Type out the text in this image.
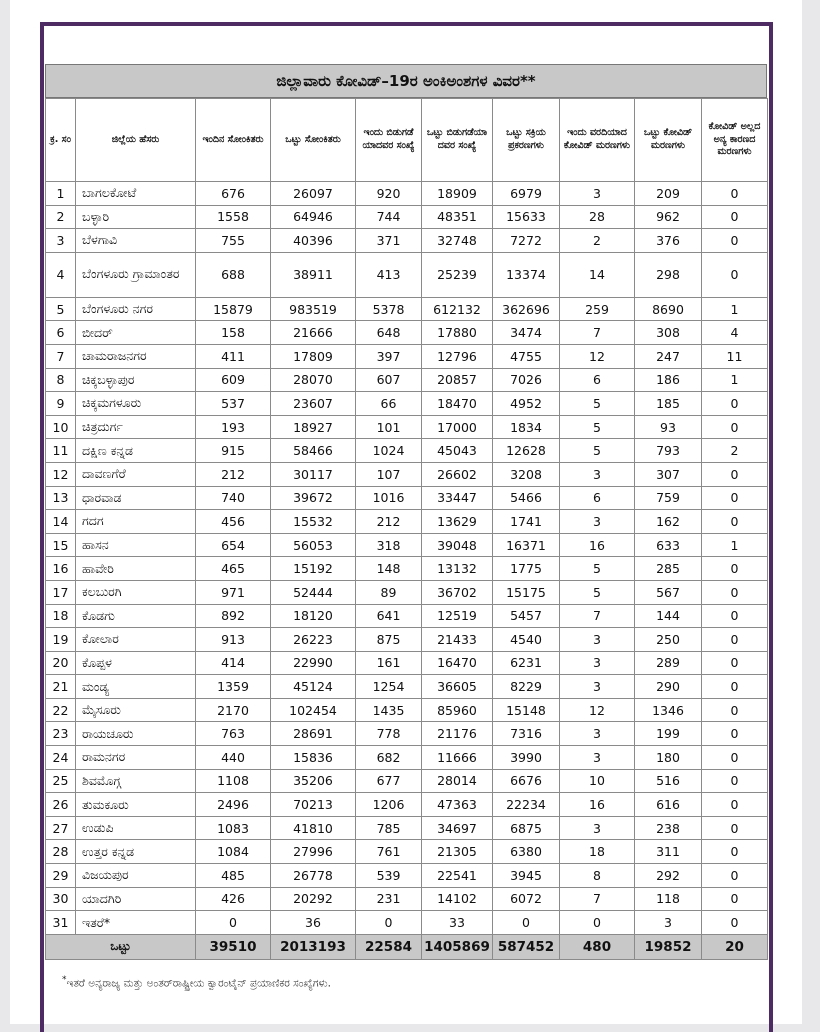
ಜಿಲ್ಲಾವಾರು ಕೋವಿಡ್–19ರ ಅಂಕಿಅಂಶಗಳ ವಿವರ**
ಕ್ರ. ಸಂ	ಜಿಲ್ಲೆಯ ಹೆಸರು	ಇಂದಿನ ಸೋಂಕಿತರು	ಒಟ್ಟು ಸೋಂಕಿತರು	ಇಂದು ಬಿಡುಗಡೆ ಯಾದವರ ಸಂಖ್ಯೆ	ಒಟ್ಟು ಬಿಡುಗಡೆಯಾ ದವರ ಸಂಖ್ಯೆ	ಒಟ್ಟು ಸಕ್ರಿಯ ಪ್ರಕರಣಗಳು	ಇಂದು ವರದಿಯಾದ ಕೋವಿಡ್ ಮರಣಗಳು	ಒಟ್ಟು ಕೋವಿಡ್ ಮರಣಗಳು	ಕೋವಿಡ್ ಅಲ್ಲದ ಅನ್ಯ ಕಾರಣದ ಮರಣಗಳು
1	ಬಾಗಲಕೋಟೆ	676	26097	920	18909	6979	3	209	0
2	ಬಳ್ಳಾರಿ	1558	64946	744	48351	15633	28	962	0
3	ಬೆಳಗಾವಿ	755	40396	371	32748	7272	2	376	0
4	ಬೆಂಗಳೂರು ಗ್ರಾಮಾಂತರ	688	38911	413	25239	13374	14	298	0
5	ಬೆಂಗಳೂರು ನಗರ	15879	983519	5378	612132	362696	259	8690	1
6	ಬೀದರ್	158	21666	648	17880	3474	7	308	4
7	ಚಾಮರಾಜನಗರ	411	17809	397	12796	4755	12	247	11
8	ಚಿಕ್ಕಬಳ್ಳಾಪುರ	609	28070	607	20857	7026	6	186	1
9	ಚಿಕ್ಕಮಗಳೂರು	537	23607	66	18470	4952	5	185	0
10	ಚಿತ್ರದುರ್ಗ	193	18927	101	17000	1834	5	93	0
11	ದಕ್ಷಿಣ ಕನ್ನಡ	915	58466	1024	45043	12628	5	793	2
12	ದಾವಣಗೆರೆ	212	30117	107	26602	3208	3	307	0
13	ಧಾರವಾಡ	740	39672	1016	33447	5466	6	759	0
14	ಗದಗ	456	15532	212	13629	1741	3	162	0
15	ಹಾಸನ	654	56053	318	39048	16371	16	633	1
16	ಹಾವೇರಿ	465	15192	148	13132	1775	5	285	0
17	ಕಲಬುರಗಿ	971	52444	89	36702	15175	5	567	0
18	ಕೊಡಗು	892	18120	641	12519	5457	7	144	0
19	ಕೋಲಾರ	913	26223	875	21433	4540	3	250	0
20	ಕೊಪ್ಪಳ	414	22990	161	16470	6231	3	289	0
21	ಮಂಡ್ಯ	1359	45124	1254	36605	8229	3	290	0
22	ಮೈಸೂರು	2170	102454	1435	85960	15148	12	1346	0
23	ರಾಯಚೂರು	763	28691	778	21176	7316	3	199	0
24	ರಾಮನಗರ	440	15836	682	11666	3990	3	180	0
25	ಶಿವಮೊಗ್ಗ	1108	35206	677	28014	6676	10	516	0
26	ತುಮಕೂರು	2496	70213	1206	47363	22234	16	616	0
27	ಉಡುಪಿ	1083	41810	785	34697	6875	3	238	0
28	ಉತ್ತರ ಕನ್ನಡ	1084	27996	761	21305	6380	18	311	0
29	ವಿಜಯಪುರ	485	26778	539	22541	3945	8	292	0
30	ಯಾದಗಿರಿ	426	20292	231	14102	6072	7	118	0
31	ಇತರೆ*	0	36	0	33	0	0	3	0
ಒಟ್ಟು		39510	2013193	22584	1405869	587452	480	19852	20
*ಇತರೆ ಅನ್ಯರಾಜ್ಯ ಮತ್ತು ಅಂತರ್‌ರಾಷ್ಟ್ರೀಯ ಕ್ವಾರಂಟೈನ್ ಪ್ರಯಾಣಿಕರ ಸಂಖ್ಯೆಗಳು.
